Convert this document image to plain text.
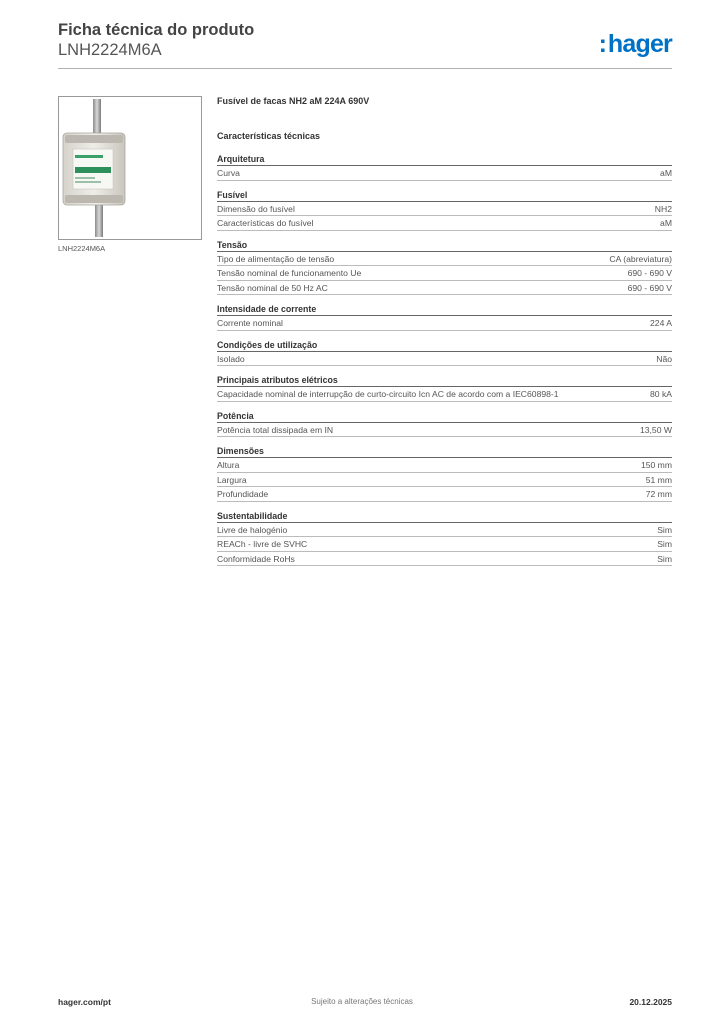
Ficha técnica do produto
LNH2224M6A	:hager
LNH2224M6A
Fusível de facas NH2 aM 224A 690V
Características técnicas
Arquitetura
Curva	aM
Fusível
Dimensão do fusível	NH2
Características do fusível	aM
Tensão
Tipo de alimentação de tensão	CA (abreviatura)
Tensão nominal de funcionamento Ue	690 - 690 V
Tensão nominal de 50 Hz AC	690 - 690 V
Intensidade de corrente
Corrente nominal	224 A
Condições de utilização
Isolado	Não
Principais atributos elétricos
Capacidade nominal de interrupção de curto-circuito Icn AC de acordo com a IEC60898-1	80 kA
Potência
Potência total dissipada em IN	13,50 W
Dimensões
Altura	150 mm
Largura	51 mm
Profundidade	72 mm
Sustentabilidade
Livre de halogénio	Sim
REACh - livre de SVHC	Sim
Conformidade RoHs	Sim
hager.com/pt	Sujeito a alterações técnicas	20.12.2025
